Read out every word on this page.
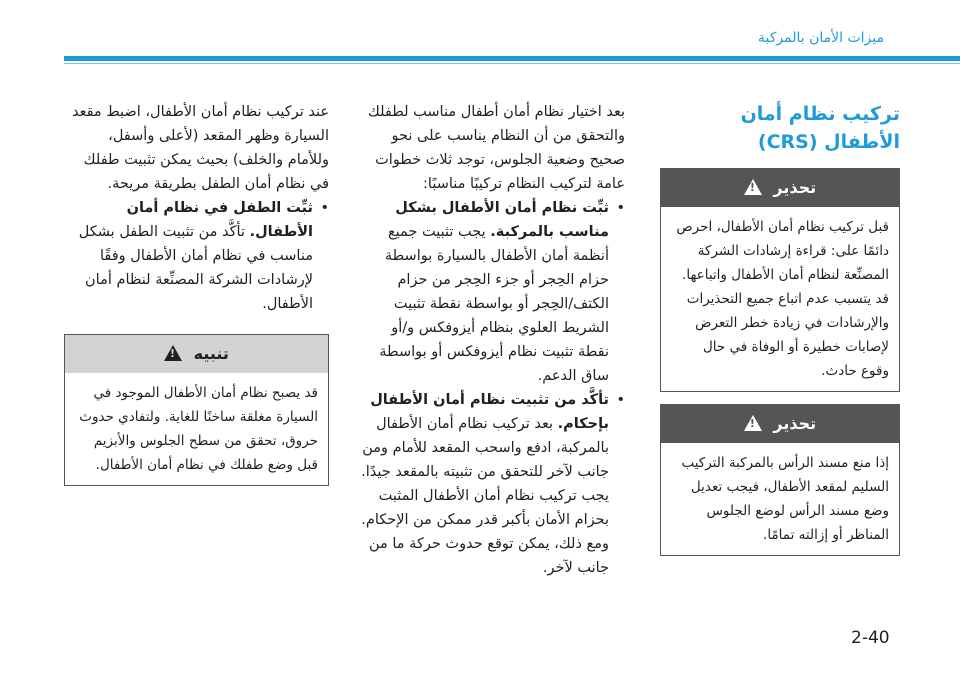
ميزات الأمان بالمركبة
تركيب نظام أمان الأطفال (CRS)
تحذير !
قبل تركيب نظام أمان الأطفال، احرص دائمًا على: قراءة إرشادات الشركة المصنِّعة لنظام أمان الأطفال واتباعها. قد يتسبب عدم اتباع جميع التحذيرات والإرشادات في زيادة خطر التعرض لإصابات خطيرة أو الوفاة في حال وقوع حادث.
تحذير !
إذا منع مسند الرأس بالمركبة التركيب السليم لمقعد الأطفال، فيجب تعديل وضع مسند الرأس لوضع الجلوس المناظر أو إزالته تمامًا.

بعد اختيار نظام أمان أطفال مناسب لطفلك والتحقق من أن النظام يناسب على نحو صحيح وضعية الجلوس، توجد ثلاث خطوات عامة لتركيب النظام تركيبًا مناسبًا:

• ثبِّت نظام أمان الأطفال بشكل مناسب بالمركبة. يجب تثبيت جميع أنظمة أمان الأطفال بالسيارة بواسطة حزام الحِجر أو جزء الحِجر من حزام الكتف/الحِجر أو بواسطة نقطة تثبيت الشريط العلوي بنظام أيزوفكس و/أو نقطة تثبيت نظام أيزوفكس أو بواسطة ساق الدعم.
• تأكَّد من تثبيت نظام أمان الأطفال بإحكام. بعد تركيب نظام أمان الأطفال بالمركبة، ادفع واسحب المقعد للأمام ومن جانب لآخر للتحقق من تثبيته بالمقعد جيدًا. يجب تركيب نظام أمان الأطفال المثبت بحزام الأمان بأكبر قدر ممكن من الإحكام. ومع ذلك، يمكن توقع حدوث حركة ما من جانب لآخر.

عند تركيب نظام أمان الأطفال، اضبط مقعد السيارة وظهر المقعد (لأعلى وأسفل، وللأمام والخلف) بحيث يمكن تثبيت طفلك في نظام أمان الطفل بطريقة مريحة.

• ثبِّت الطفل في نظام أمان الأطفال. تأكَّد من تثبيت الطفل بشكل مناسب في نظام أمان الأطفال وفقًا لإرشادات الشركة المصنِّعة لنظام أمان الأطفال.
تنبيه !
قد يصبح نظام أمان الأطفال الموجود في السيارة مغلقة ساخنًا للغاية. ولتفادي حدوث حروق، تحقق من سطح الجلوس والأبزيم قبل وضع طفلك في نظام أمان الأطفال.
2-40
